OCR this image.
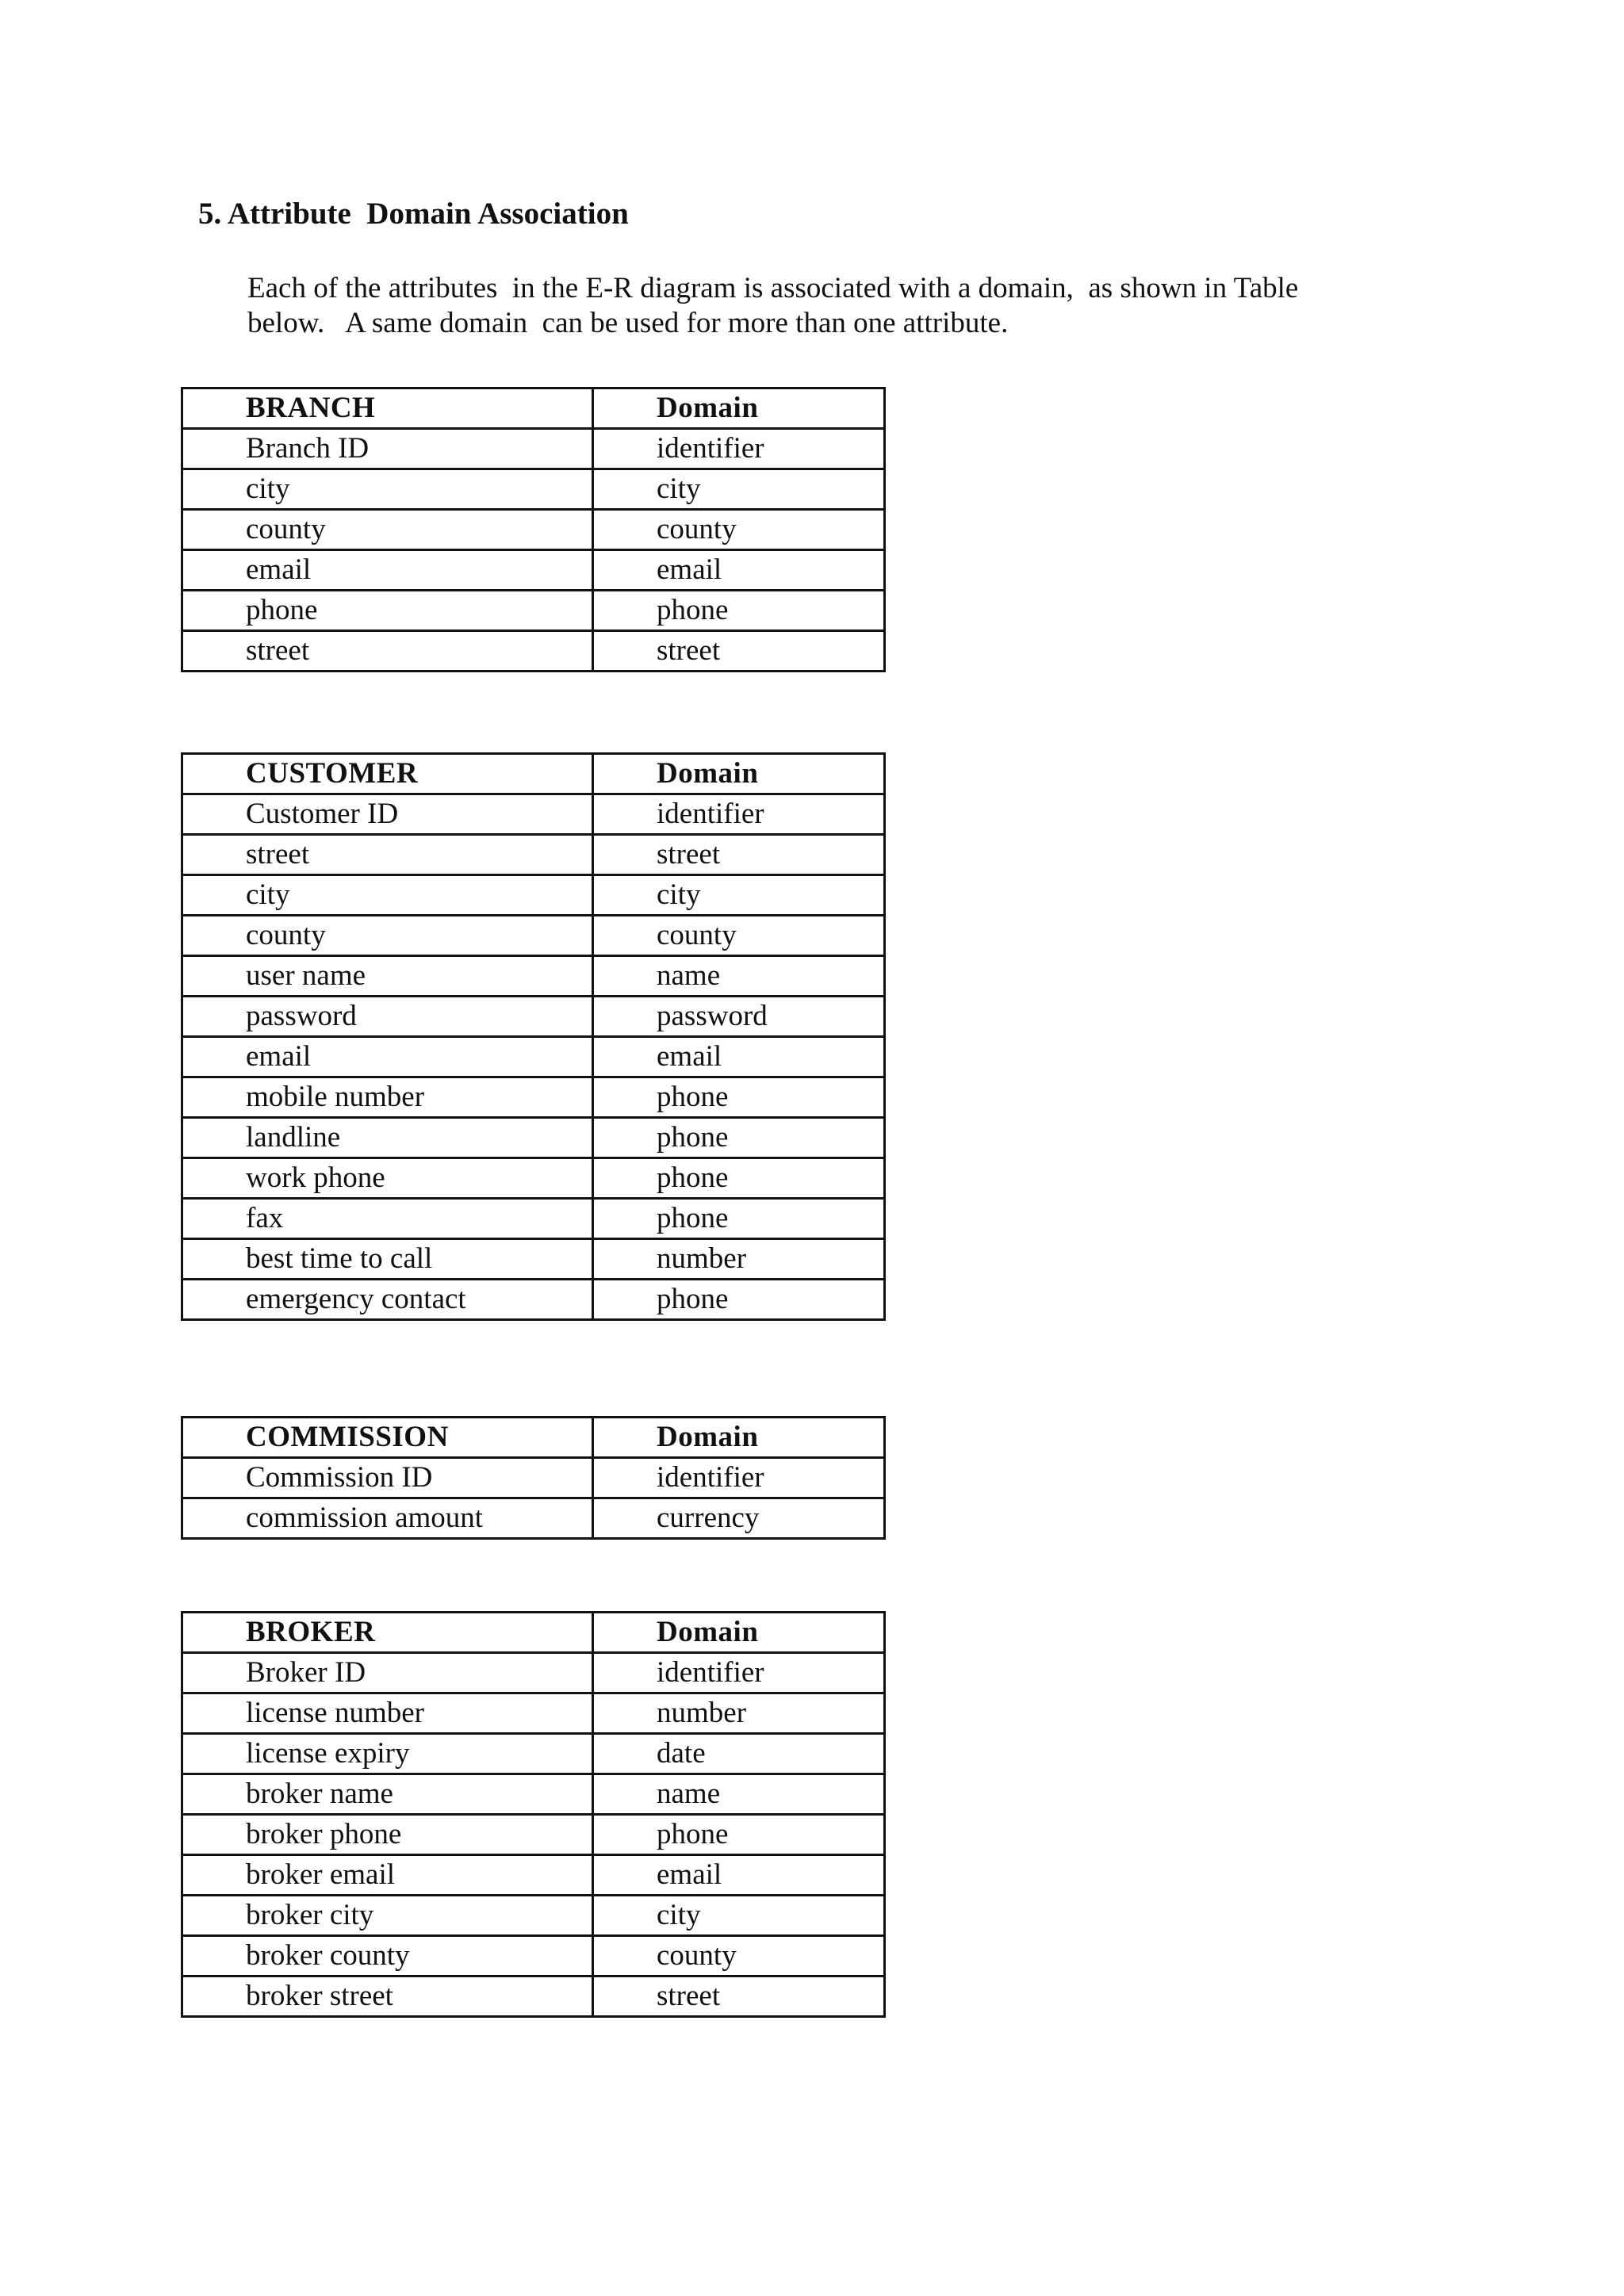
5. Attribute  Domain Association

Each of the attributes  in the E-R diagram is associated with a domain,  as shown in Table
below.   A same domain  can be used for more than one attribute.

BRANCH	Domain
Branch ID	identifier
city	city
county	county
email	email
phone	phone
street	street
CUSTOMER	Domain
Customer ID	identifier
street	street
city	city
county	county
user name	name
password	password
email	email
mobile number	phone
landline	phone
work phone	phone
fax	phone
best time to call	number
emergency contact	phone
COMMISSION	Domain
Commission ID	identifier
commission amount	currency
BROKER	Domain
Broker ID	identifier
license number	number
license expiry	date
broker name	name
broker phone	phone
broker email	email
broker city	city
broker county	county
broker street	street
